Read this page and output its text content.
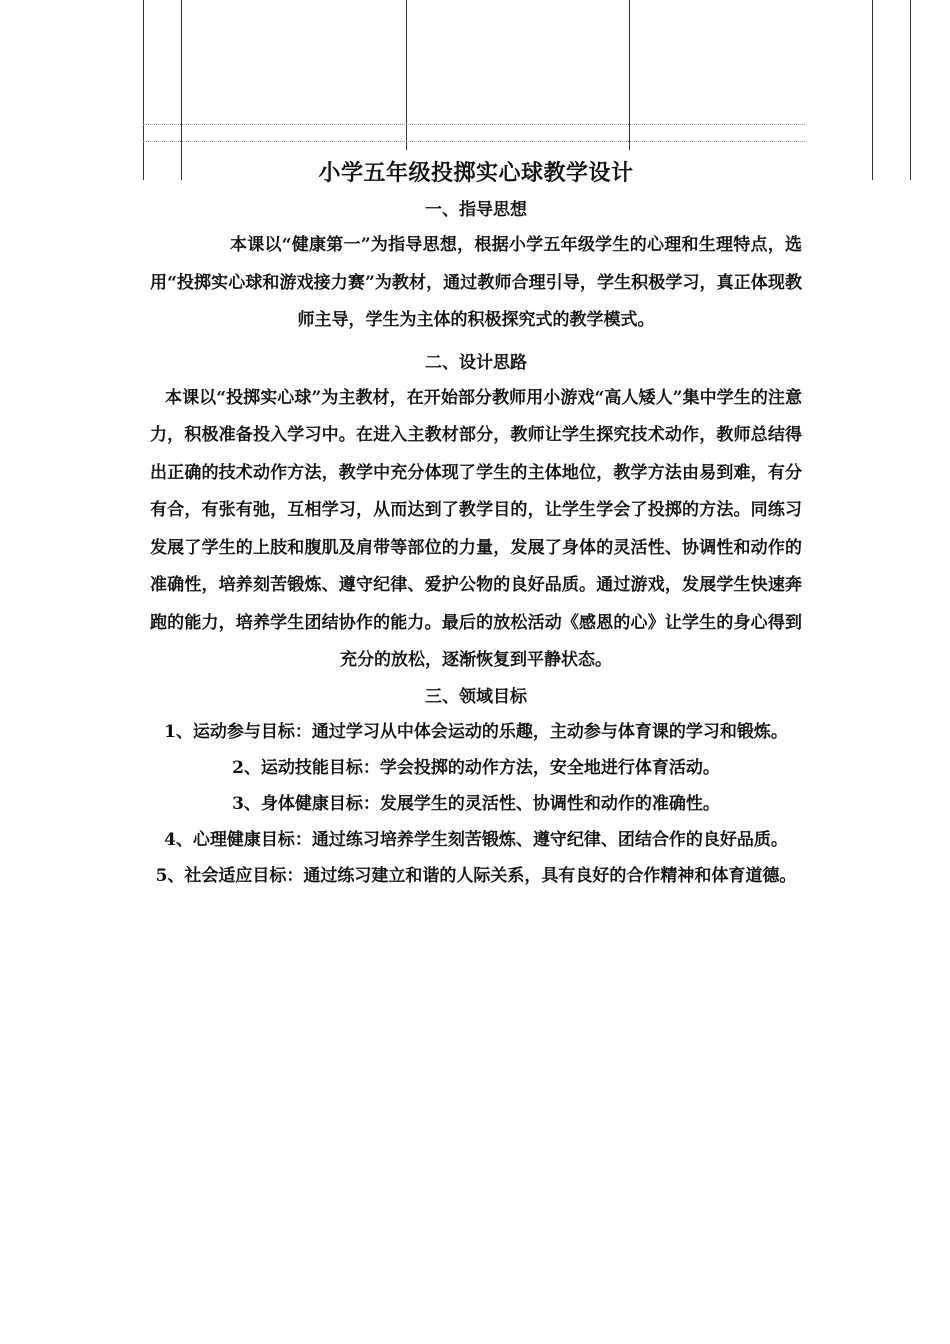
小学五年级投掷实心球教学设计
一、指导思想

本课以“健康第一”为指导思想，根据小学五年级学生的心理和生理特点，选用“投掷实心球和游戏接力赛”为教材，通过教师合理引导，学生积极学习，真正体现教师主导，学生为主体的积极探究式的教学模式。

二、设计思路

本课以“投掷实心球”为主教材，在开始部分教师用小游戏“高人矮人”集中学生的注意力，积极准备投入学习中。在进入主教材部分，教师让学生探究技术动作，教师总结得出正确的技术动作方法，教学中充分体现了学生的主体地位，教学方法由易到难，有分有合，有张有弛，互相学习，从而达到了教学目的，让学生学会了投掷的方法。同练习发展了学生的上肢和腹肌及肩带等部位的力量，发展了身体的灵活性、协调性和动作的准确性，培养刻苦锻炼、遵守纪律、爱护公物的良好品质。通过游戏，发展学生快速奔跑的能力，培养学生团结协作的能力。最后的放松活动《感恩的心》让学生的身心得到充分的放松，逐渐恢复到平静状态。

三、领域目标

1、运动参与目标：通过学习从中体会运动的乐趣，主动参与体育课的学习和锻炼。

2、运动技能目标：学会投掷的动作方法，安全地进行体育活动。

3、身体健康目标：发展学生的灵活性、协调性和动作的准确性。

4、心理健康目标：通过练习培养学生刻苦锻炼、遵守纪律、团结合作的良好品质。

5、社会适应目标：通过练习建立和谐的人际关系，具有良好的合作精神和体育道德。
